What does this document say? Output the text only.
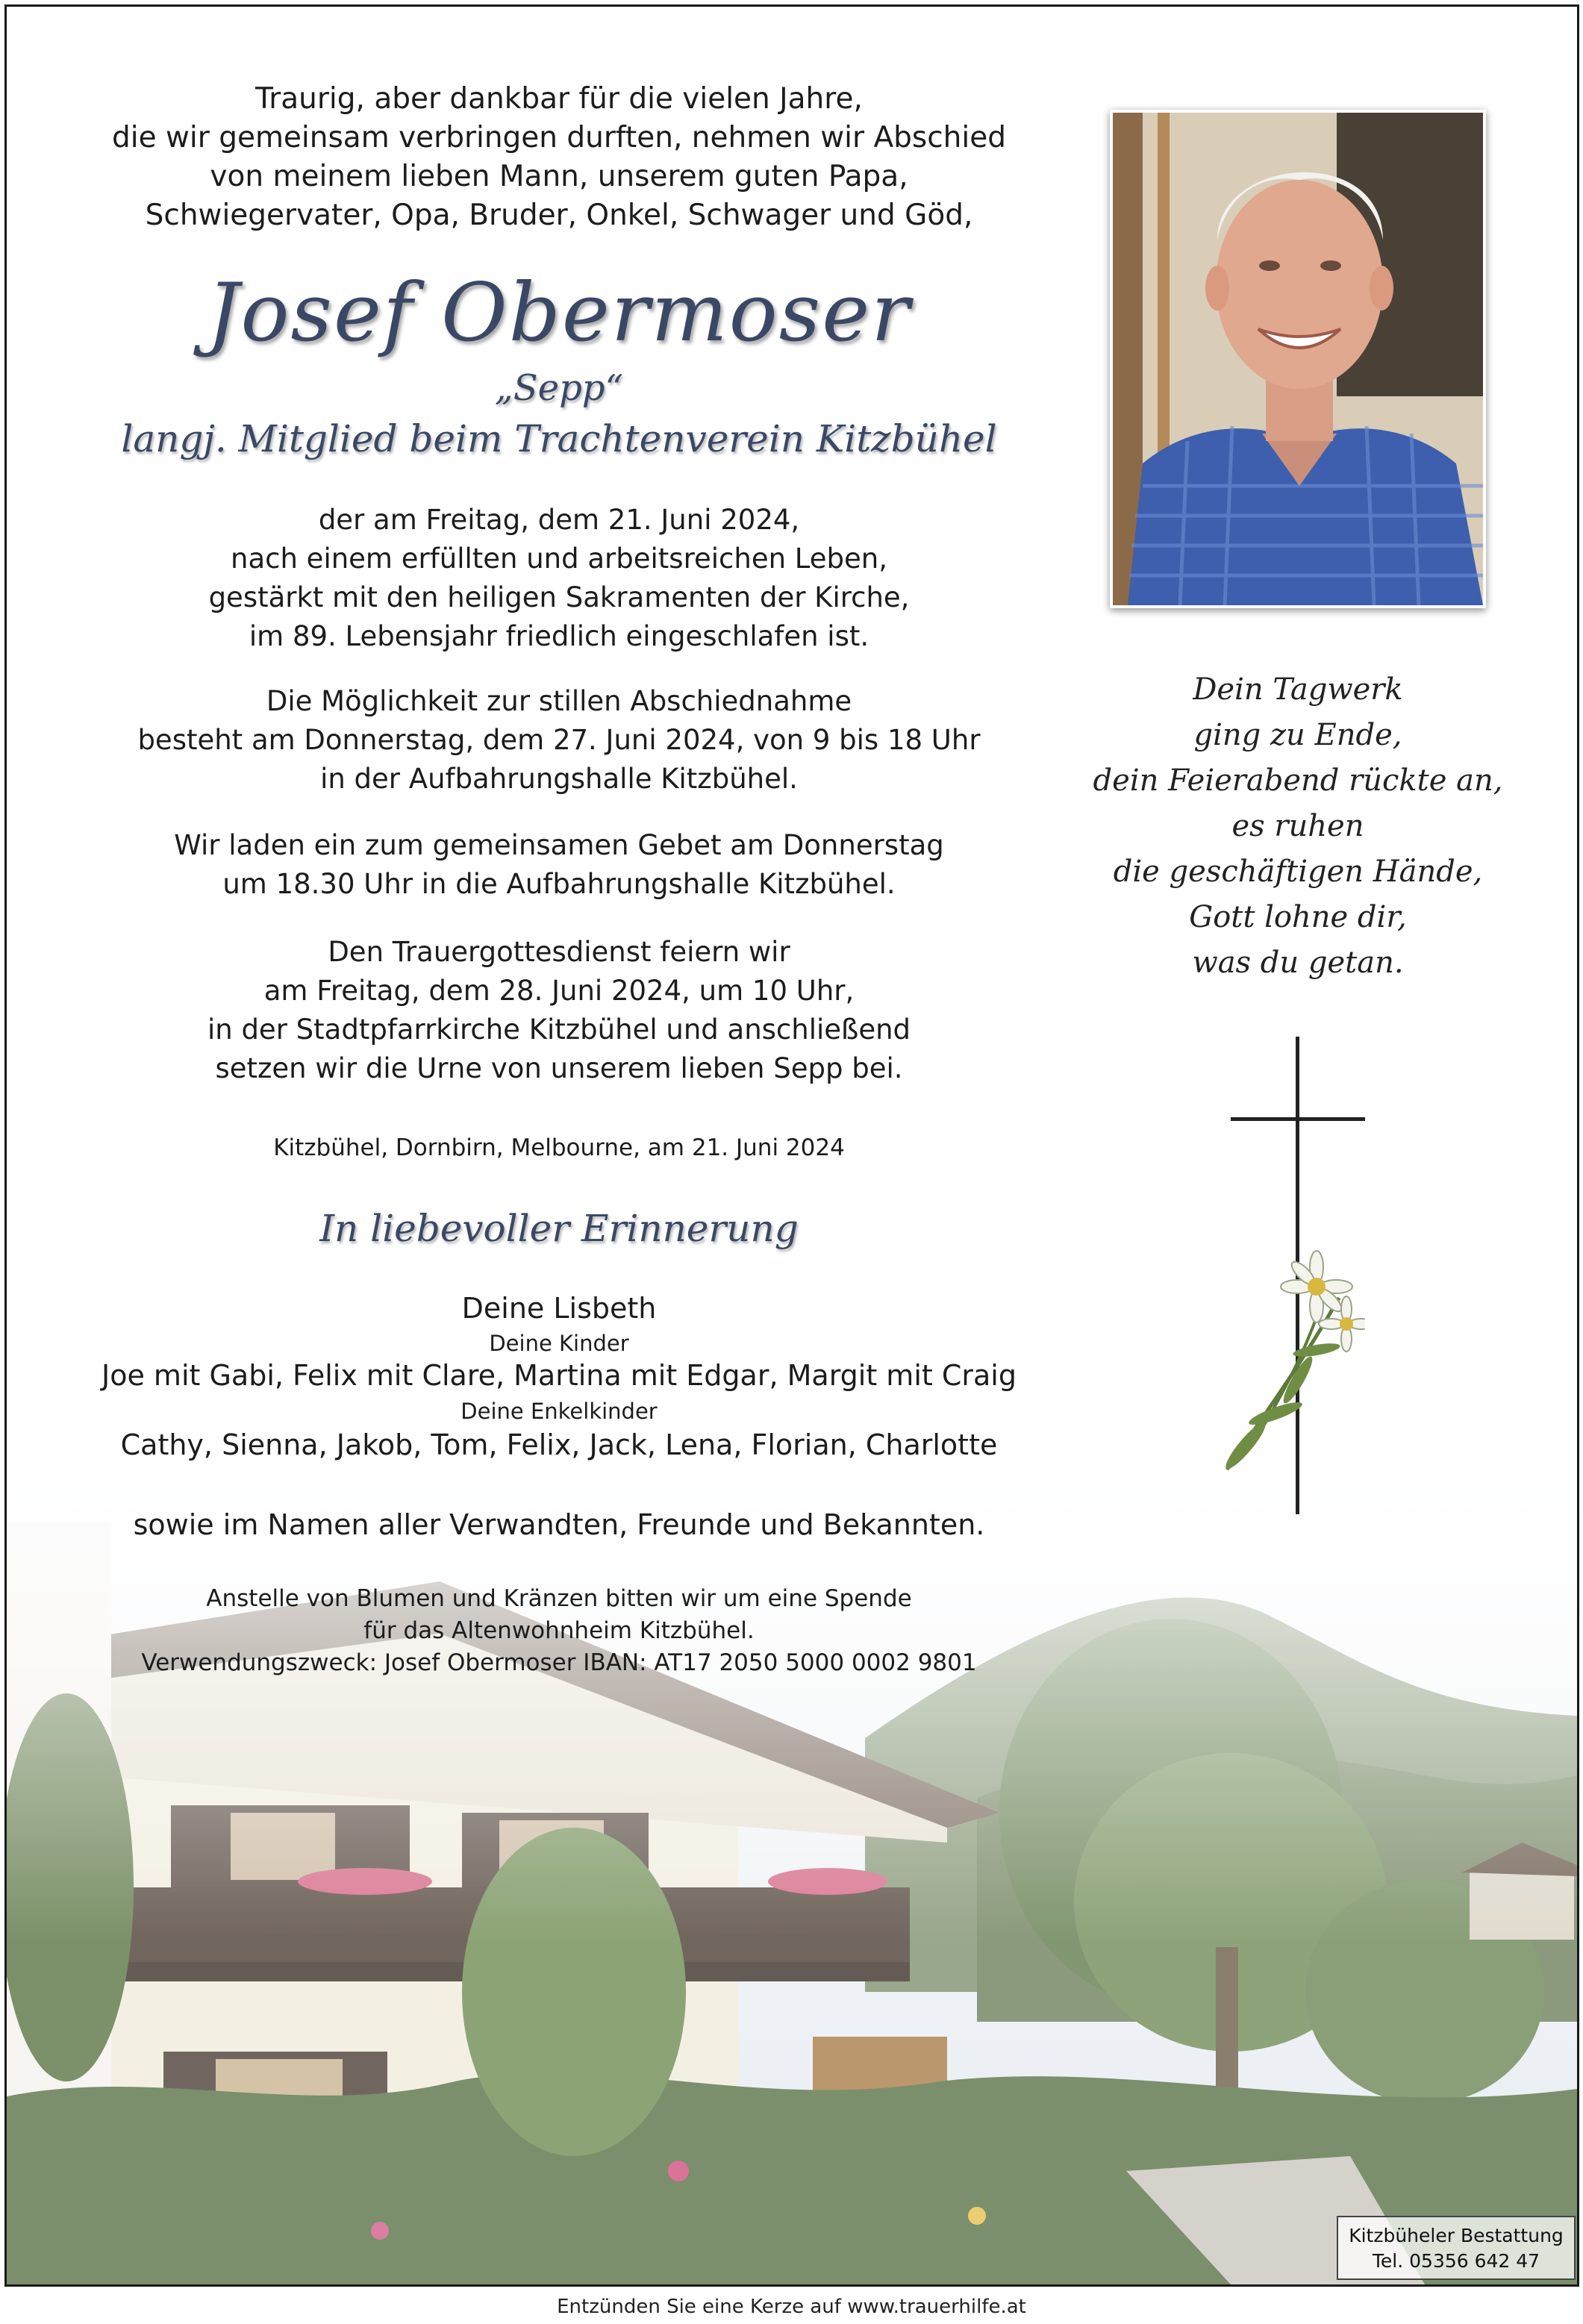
Traurig, aber dankbar für die vielen Jahre,
die wir gemeinsam verbringen durften, nehmen wir Abschied
von meinem lieben Mann, unserem guten Papa,
Schwiegervater, Opa, Bruder, Onkel, Schwager und Göd,
Josef Obermoser
„Sepp“
langj. Mitglied beim Trachtenverein Kitzbühel
der am Freitag, dem 21. Juni 2024,
nach einem erfüllten und arbeitsreichen Leben,
gestärkt mit den heiligen Sakramenten der Kirche,
im 89. Lebensjahr friedlich eingeschlafen ist.
Die Möglichkeit zur stillen Abschiednahme
besteht am Donnerstag, dem 27. Juni 2024, von 9 bis 18 Uhr
in der Aufbahrungshalle Kitzbühel.
Wir laden ein zum gemeinsamen Gebet am Donnerstag
um 18.30 Uhr in die Aufbahrungshalle Kitzbühel.
Den Trauergottesdienst feiern wir
am Freitag, dem 28. Juni 2024, um 10 Uhr,
in der Stadtpfarrkirche Kitzbühel und anschließend
setzen wir die Urne von unserem lieben Sepp bei.
Kitzbühel, Dornbirn, Melbourne, am 21. Juni 2024
In liebevoller Erinnerung
Deine Lisbeth
Deine Kinder
Joe mit Gabi, Felix mit Clare, Martina mit Edgar, Margit mit Craig
Deine Enkelkinder
Cathy, Sienna, Jakob, Tom, Felix, Jack, Lena, Florian, Charlotte
sowie im Namen aller Verwandten, Freunde und Bekannten.
Anstelle von Blumen und Kränzen bitten wir um eine Spende
für das Altenwohnheim Kitzbühel.
Verwendungszweck: Josef Obermoser IBAN: AT17 2050 5000 0002 9801
Dein Tagwerk
ging zu Ende,
dein Feierabend rückte an,
es ruhen
die geschäftigen Hände,
Gott lohne dir,
was du getan.
Kitzbüheler Bestattung
Tel. 05356 642 47
Entzünden Sie eine Kerze auf www.trauerhilfe.at
